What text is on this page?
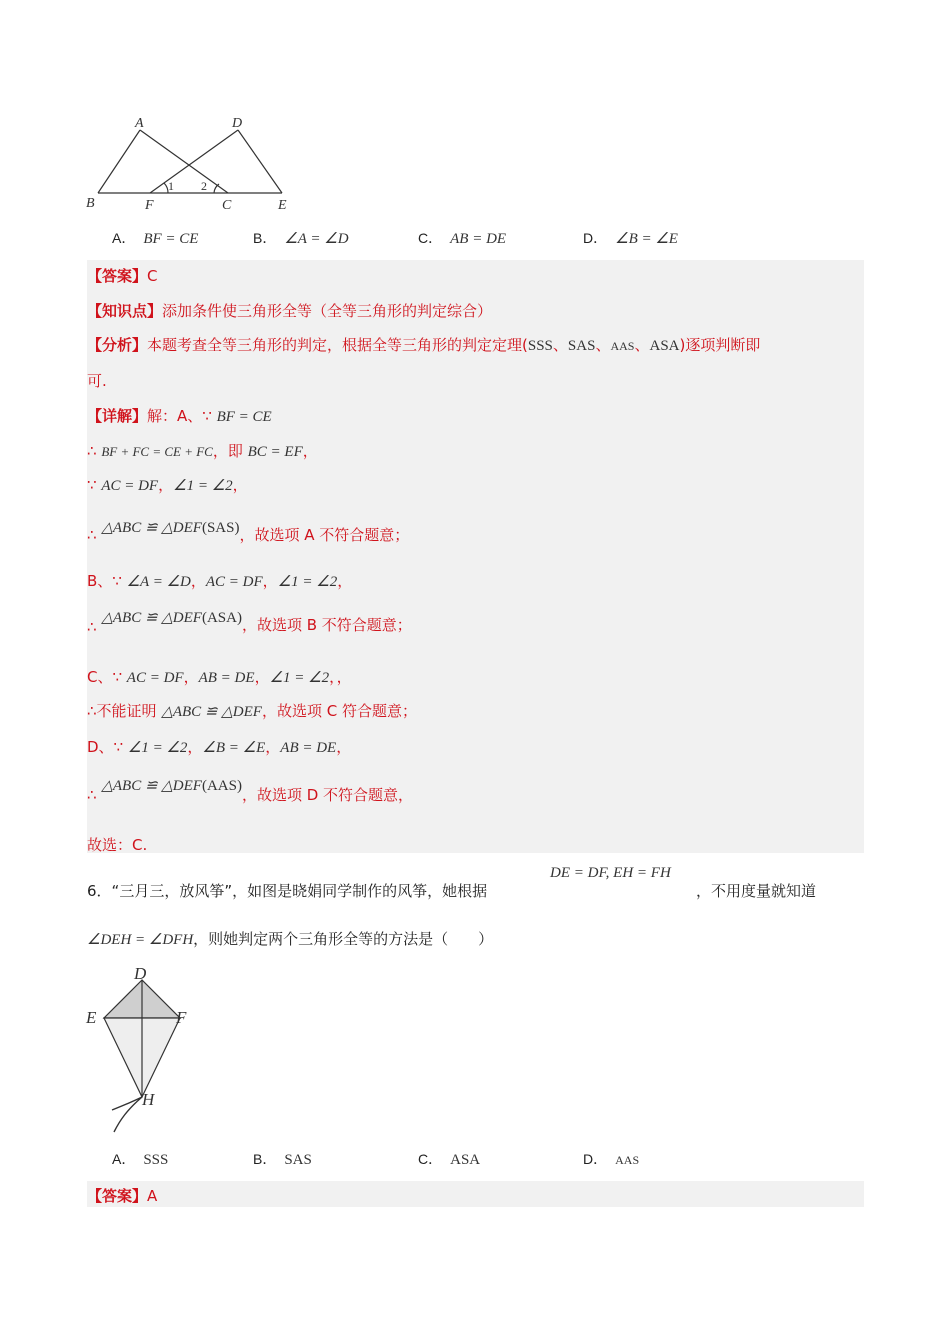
A	D
B	F	C	E
1 2
A． BF = CE	B． ∠A = ∠D	C． AB = DE	D． ∠B = ∠E
【答案】C
【知识点】添加条件使三角形全等（全等三角形的判定综合）
【分析】本题考查全等三角形的判定，根据全等三角形的判定定理(SSS、SAS、AAS、ASA)逐项判断即
可.
【详解】解：A、∵ BF = CE
∴ BF + FC = CE + FC，即 BC = EF，
∵ AC = DF，∠1 = ∠2，
∴ △ABC ≌ △DEF(SAS)，故选项 A 不符合题意；
B、∵ ∠A = ∠D，AC = DF，∠1 = ∠2，
∴ △ABC ≌ △DEF(ASA)，故选项 B 不符合题意；
C、∵ AC = DF，AB = DE，∠1 = ∠2，，
∴不能证明 △ABC ≌ △DEF，故选项 C 符合题意；
D、∵ ∠1 = ∠2，∠B = ∠E，AB = DE，
∴ △ABC ≌ △DEF(AAS)，故选项 D 不符合题意，
故选：C.
6．“三月三，放风筝”，如图是晓娟同学制作的风筝，她根据
DE = DF, EH = FH
，不用度量就知道
∠DEH = ∠DFH，则她判定两个三角形全等的方法是（　　）
D
E	F
H
A． SSS	B． SAS	C． ASA	D． AAS
【答案】A
